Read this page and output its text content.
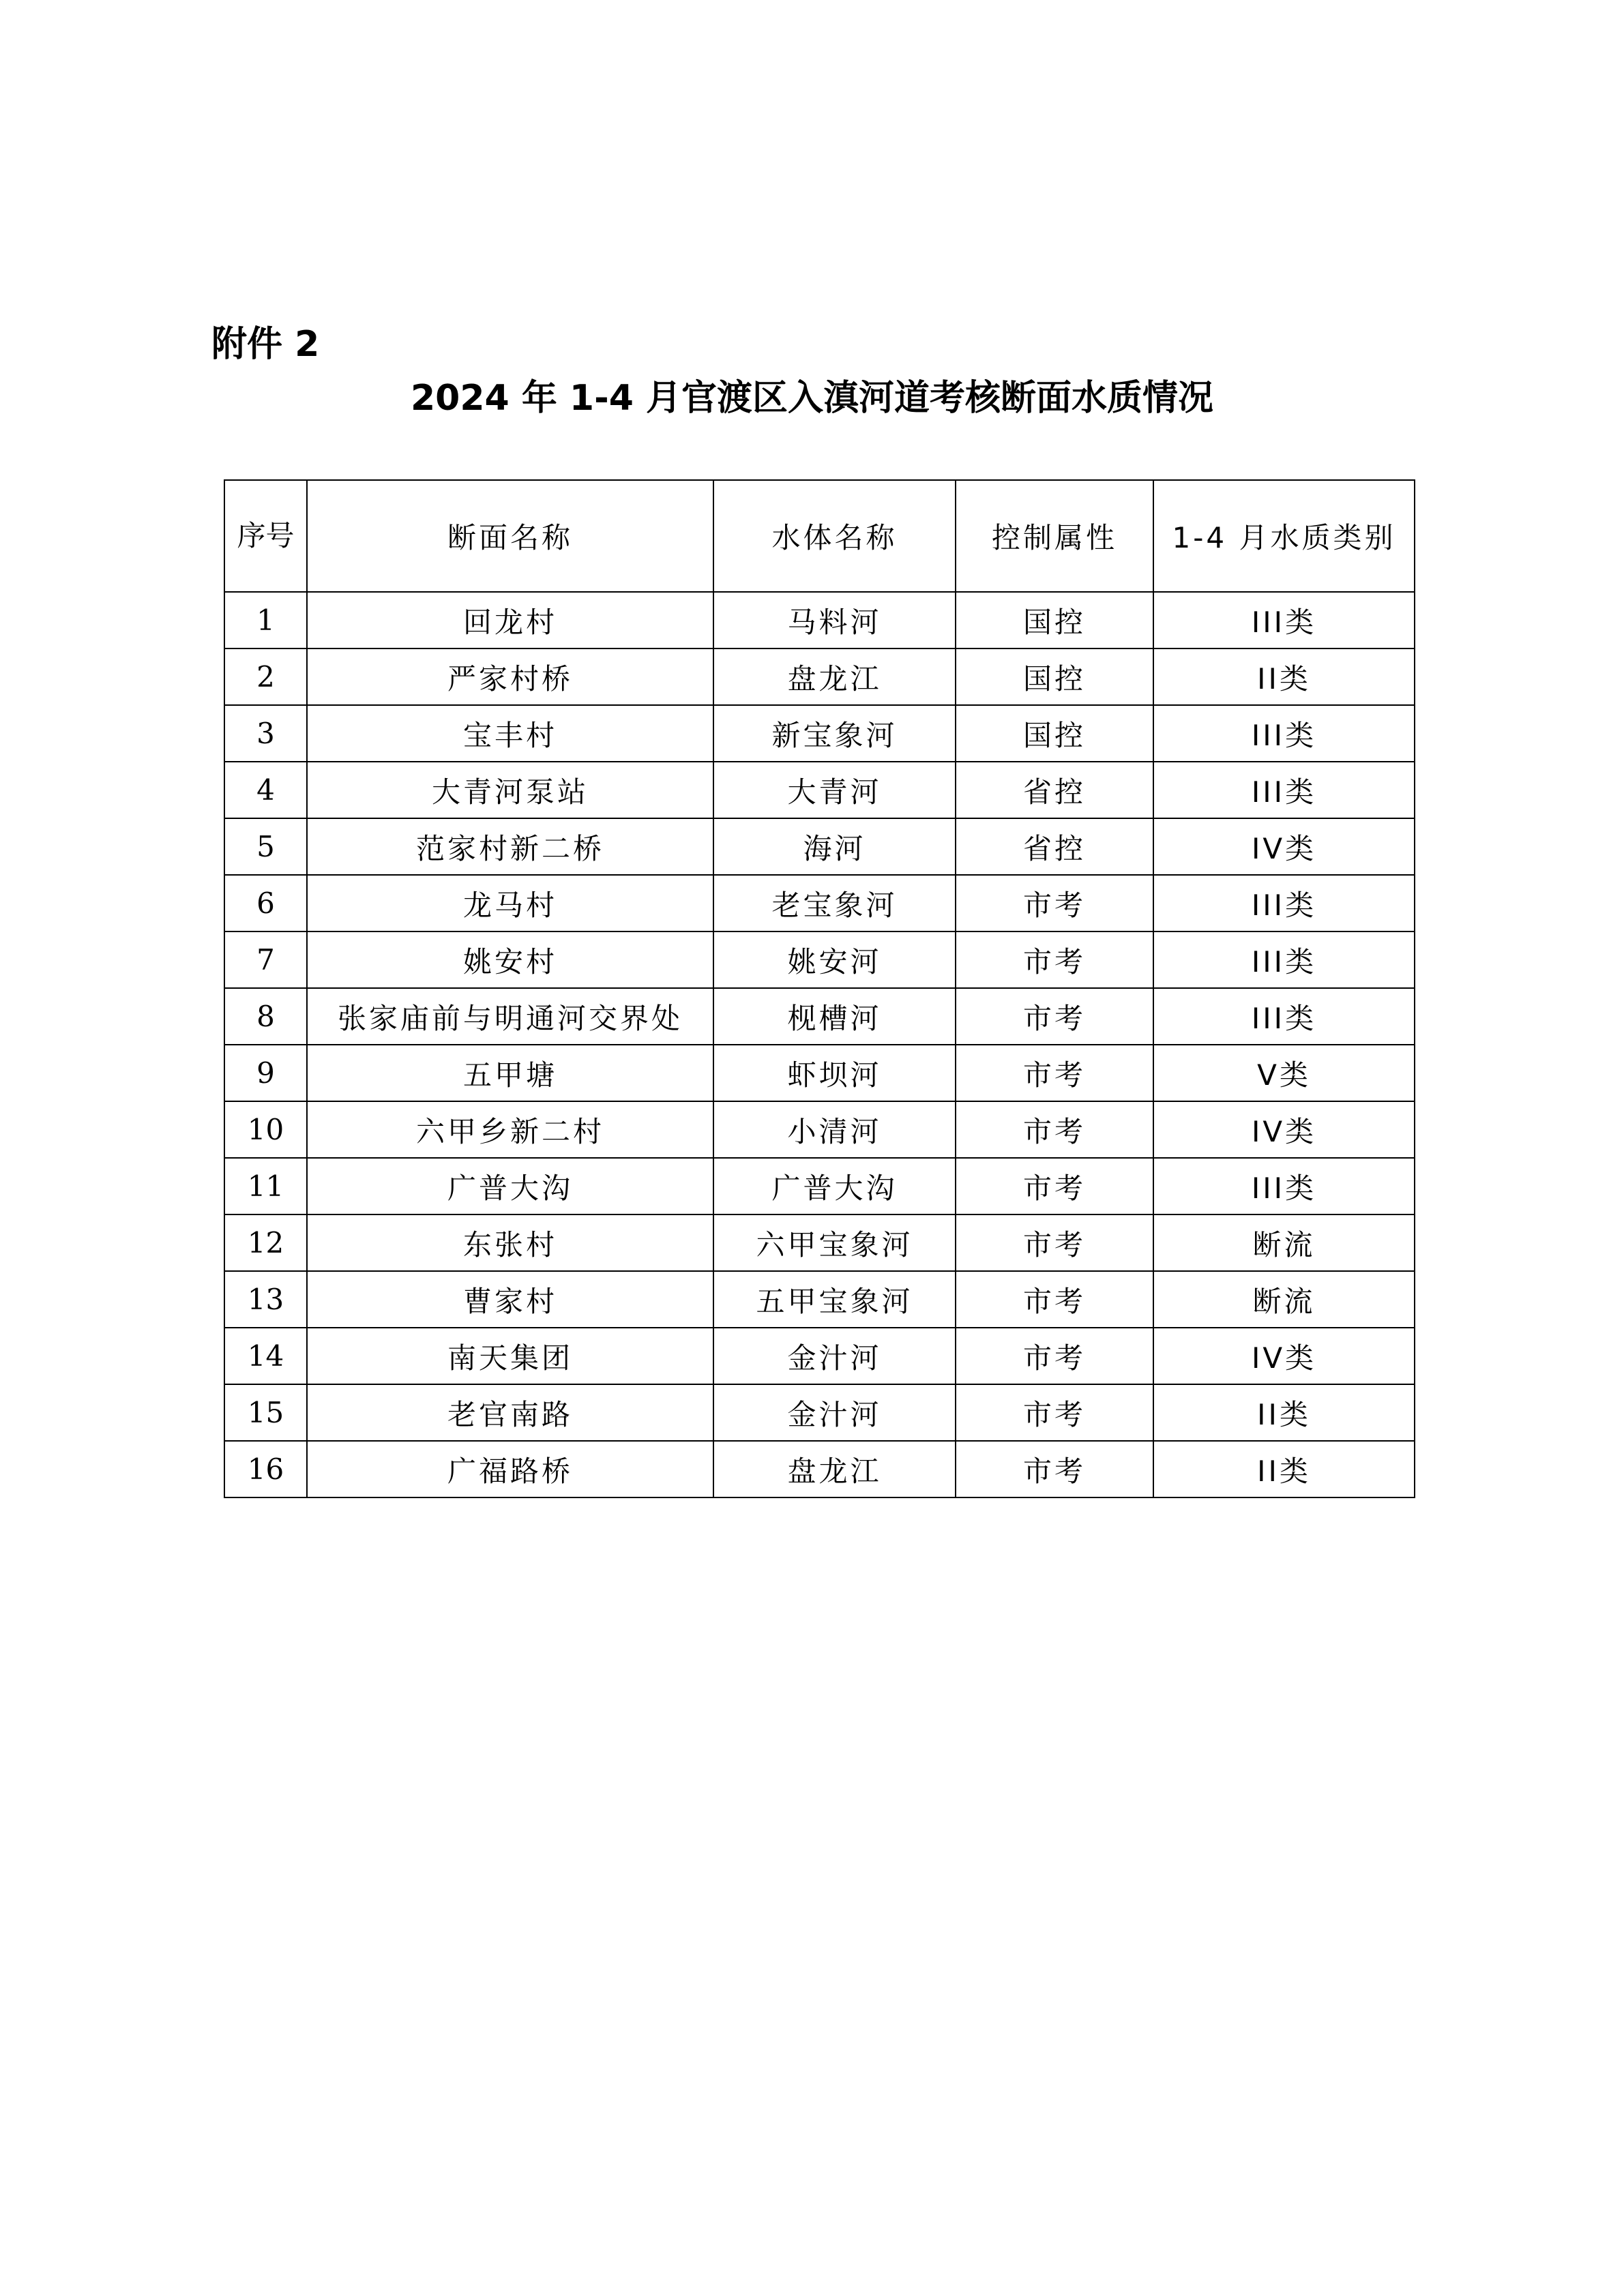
附件 2
2024 年 1-4 月官渡区入滇河道考核断面水质情况
序号	断面名称	水体名称	控制属性	1-4 月水质类别
1	回龙村	马料河	国控	III类
2	严家村桥	盘龙江	国控	II类
3	宝丰村	新宝象河	国控	III类
4	大青河泵站	大青河	省控	III类
5	范家村新二桥	海河	省控	IV类
6	龙马村	老宝象河	市考	III类
7	姚安村	姚安河	市考	III类
8	张家庙前与明通河交界处	枧槽河	市考	III类
9	五甲塘	虾坝河	市考	V类
10	六甲乡新二村	小清河	市考	IV类
11	广普大沟	广普大沟	市考	III类
12	东张村	六甲宝象河	市考	断流
13	曹家村	五甲宝象河	市考	断流
14	南天集团	金汁河	市考	IV类
15	老官南路	金汁河	市考	II类
16	广福路桥	盘龙江	市考	II类
